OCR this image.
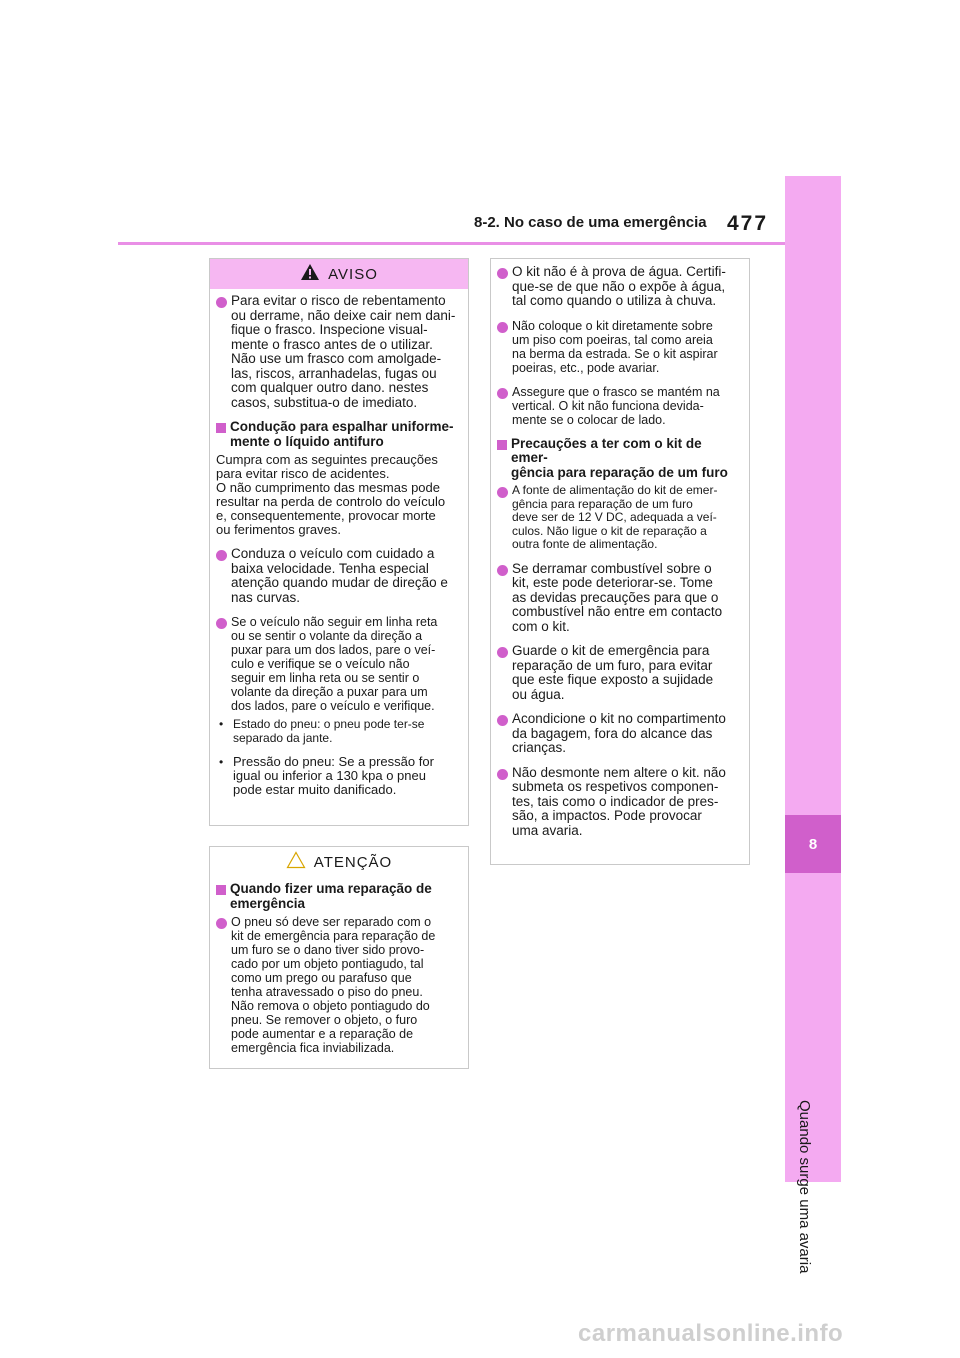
8-2. No caso de uma emergência 477
8
Quando surge uma avaria
AVISO
Para evitar o risco de rebentamento
ou derrame, não deixe cair nem dani-
fique o frasco. Inspecione visual-
mente o frasco antes de o utilizar.
Não use um frasco com amolgade-
las, riscos, arranhadelas, fugas ou
com qualquer outro dano. nestes
casos, substitua-o de imediato.
Condução para espalhar uniforme-
mente o líquido antifuro

Cumpra com as seguintes precauções
para evitar risco de acidentes.
O não cumprimento das mesmas pode
resultar na perda de controlo do veículo
e, consequentemente, provocar morte
ou ferimentos graves.

Conduza o veículo com cuidado a
baixa velocidade. Tenha especial
atenção quando mudar de direção e
nas curvas.
Se o veículo não seguir em linha reta
ou se sentir o volante da direção a
puxar para um dos lados, pare o veí-
culo e verifique se o veículo não
seguir em linha reta ou se sentir o
volante da direção a puxar para um
dos lados, pare o veículo e verifique.
• Estado do pneu: o pneu pode ter-se
separado da jante.
• Pressão do pneu: Se a pressão for
igual ou inferior a 130 kpa o pneu
pode estar muito danificado.
ATENÇÃO
Quando fizer uma reparação de
emergência
O pneu só deve ser reparado com o
kit de emergência para reparação de
um furo se o dano tiver sido provo-
cado por um objeto pontiagudo, tal
como um prego ou parafuso que
tenha atravessado o piso do pneu.
Não remova o objeto pontiagudo do
pneu. Se remover o objeto, o furo
pode aumentar e a reparação de
emergência fica inviabilizada.
O kit não é à prova de água. Certifi-
que-se de que não o expõe à água,
tal como quando o utiliza à chuva.
Não coloque o kit diretamente sobre
um piso com poeiras, tal como areia
na berma da estrada. Se o kit aspirar
poeiras, etc., pode avariar.
Assegure que o frasco se mantém na
vertical. O kit não funciona devida-
mente se o colocar de lado.
Precauções a ter com o kit de emer-
gência para reparação de um furo
A fonte de alimentação do kit de emer-
gência para reparação de um furo
deve ser de 12 V DC, adequada a veí-
culos. Não ligue o kit de reparação a
outra fonte de alimentação.
Se derramar combustível sobre o
kit, este pode deteriorar-se. Tome
as devidas precauções para que o
combustível não entre em contacto
com o kit.
Guarde o kit de emergência para
reparação de um furo, para evitar
que este fique exposto a sujidade
ou água.
Acondicione o kit no compartimento
da bagagem, fora do alcance das
crianças.
Não desmonte nem altere o kit. não
submeta os respetivos componen-
tes, tais como o indicador de pres-
são, a impactos. Pode provocar
uma avaria.
carmanualsonline.info
